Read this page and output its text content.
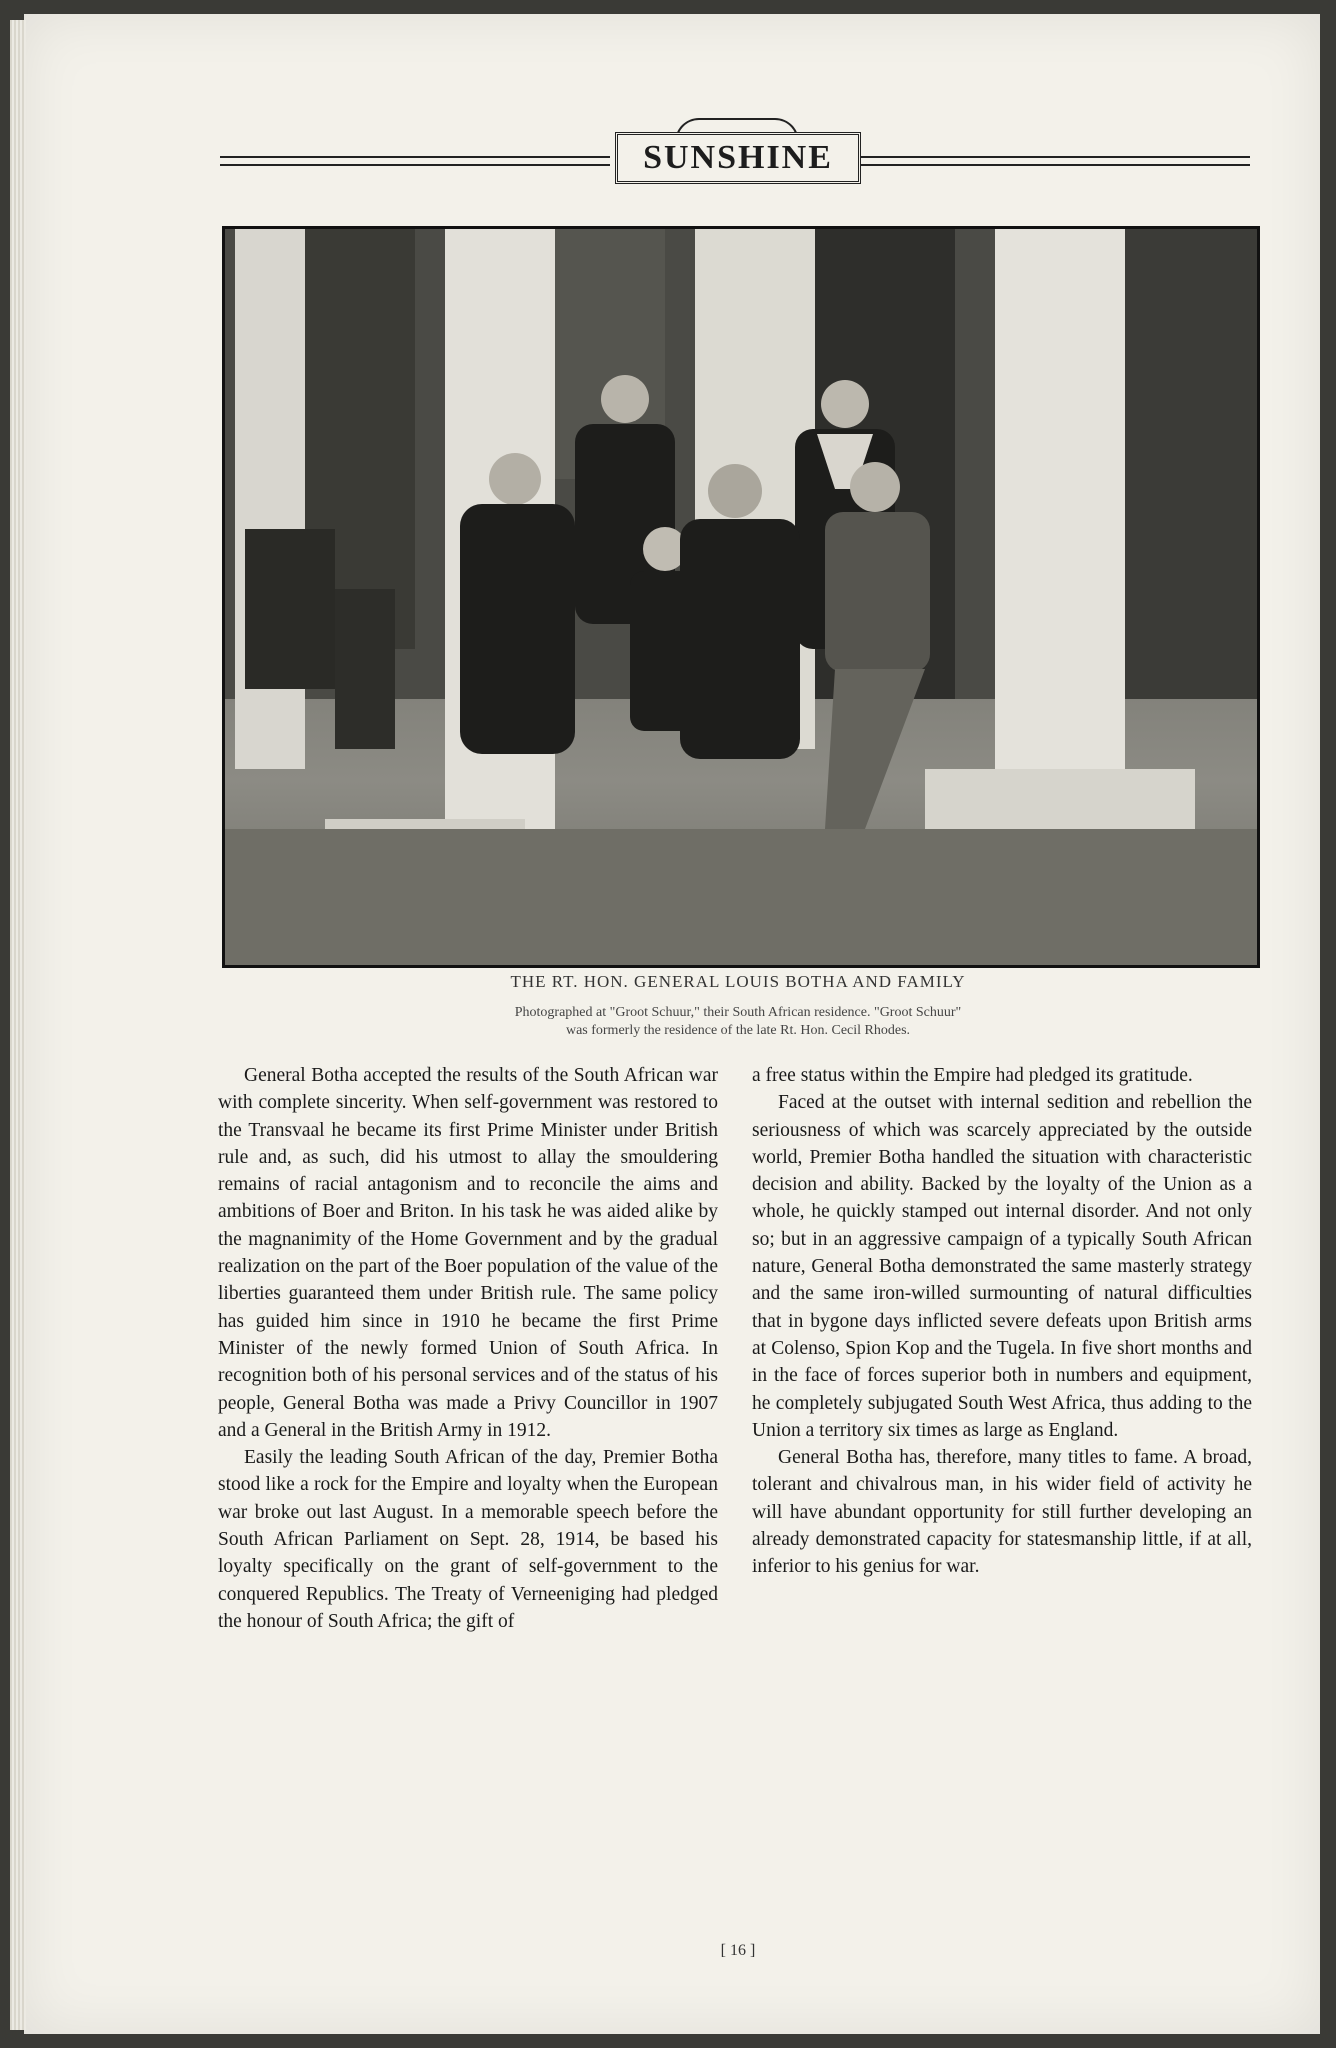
SUNSHINE
THE RT. HON. GENERAL LOUIS BOTHA AND FAMILY
Photographed at "Groot Schuur," their South African residence. "Groot Schuur"
was formerly the residence of the late Rt. Hon. Cecil Rhodes.

General Botha accepted the results of the South African war with complete sincerity. When self-government was restored to the Transvaal he became its first Prime Minister under British rule and, as such, did his utmost to allay the smouldering remains of racial antagonism and to reconcile the aims and ambitions of Boer and Briton. In his task he was aided alike by the magnanimity of the Home Government and by the gradual realization on the part of the Boer population of the value of the liberties guaranteed them under British rule. The same policy has guided him since in 1910 he became the first Prime Minister of the newly formed Union of South Africa. In recognition both of his personal services and of the status of his people, General Botha was made a Privy Councillor in 1907 and a General in the British Army in 1912.

Easily the leading South African of the day, Premier Botha stood like a rock for the Empire and loyalty when the European war broke out last August. In a memorable speech before the South African Parliament on Sept. 28, 1914, be based his loyalty specifically on the grant of self-government to the conquered Republics. The Treaty of Verneeniging had pledged the honour of South Africa; the gift of

a free status within the Empire had pledged its gratitude.

Faced at the outset with internal sedition and rebellion the seriousness of which was scarcely appreciated by the outside world, Premier Botha handled the situation with characteristic decision and ability. Backed by the loyalty of the Union as a whole, he quickly stamped out internal disorder. And not only so; but in an aggressive campaign of a typically South African nature, General Botha demonstrated the same masterly strategy and the same iron-willed surmounting of natural difficulties that in bygone days inflicted severe defeats upon British arms at Colenso, Spion Kop and the Tugela. In five short months and in the face of forces superior both in numbers and equipment, he completely subjugated South West Africa, thus adding to the Union a territory six times as large as England.

General Botha has, therefore, many titles to fame. A broad, tolerant and chivalrous man, in his wider field of activity he will have abundant opportunity for still further developing an already demonstrated capacity for statesmanship little, if at all, inferior to his genius for war.

[ 16 ]
